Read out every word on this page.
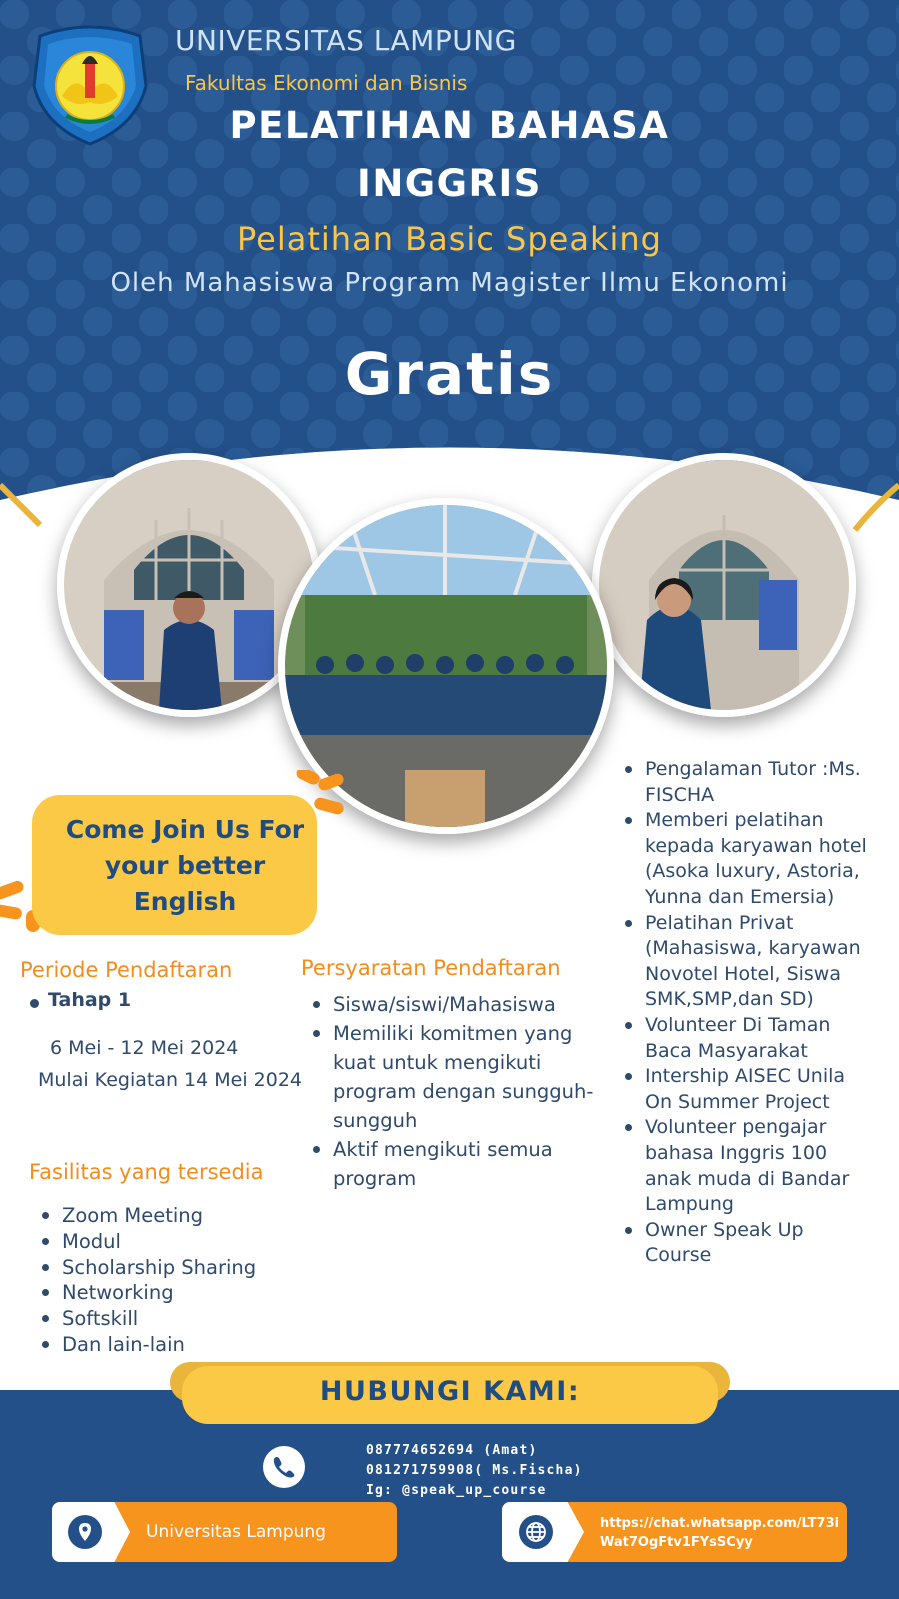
UNIVERSITAS LAMPUNG
Fakultas Ekonomi dan Bisnis
PELATIHAN BAHASA
INGGRIS
Pelatihan Basic Speaking
Oleh Mahasiswa Program Magister Ilmu Ekonomi
Gratis
Come Join Us For
your better
English
Periode Pendaftaran
Tahap 1
6 Mei - 12 Mei 2024
Mulai Kegiatan 14 Mei 2024
Persyaratan Pendaftaran
Siswa/siswi/Mahasiswa
Memiliki komitmen yang kuat untuk mengikuti program dengan sungguh-sungguh
Aktif mengikuti semua program
Fasilitas yang tersedia
Zoom Meeting
Modul
Scholarship Sharing
Networking
Softskill
Dan lain-lain
Pengalaman Tutor :Ms. FISCHA
Memberi pelatihan kepada karyawan hotel (Asoka luxury, Astoria, Yunna dan Emersia)
Pelatihan Privat (Mahasiswa, karyawan Novotel Hotel, Siswa SMK,SMP,dan SD)
Volunteer Di Taman Baca Masyarakat
Intership AISEC Unila On Summer Project
Volunteer pengajar bahasa Inggris 100 anak muda di Bandar Lampung
Owner Speak Up Course
HUBUNGI KAMI:
087774652694 (Amat)
081271759908( Ms.Fischa)
Ig: @speak_up_course
Universitas Lampung	https://chat.whatsapp.com/LT73i
Wat7OgFtv1FYsSCyy
